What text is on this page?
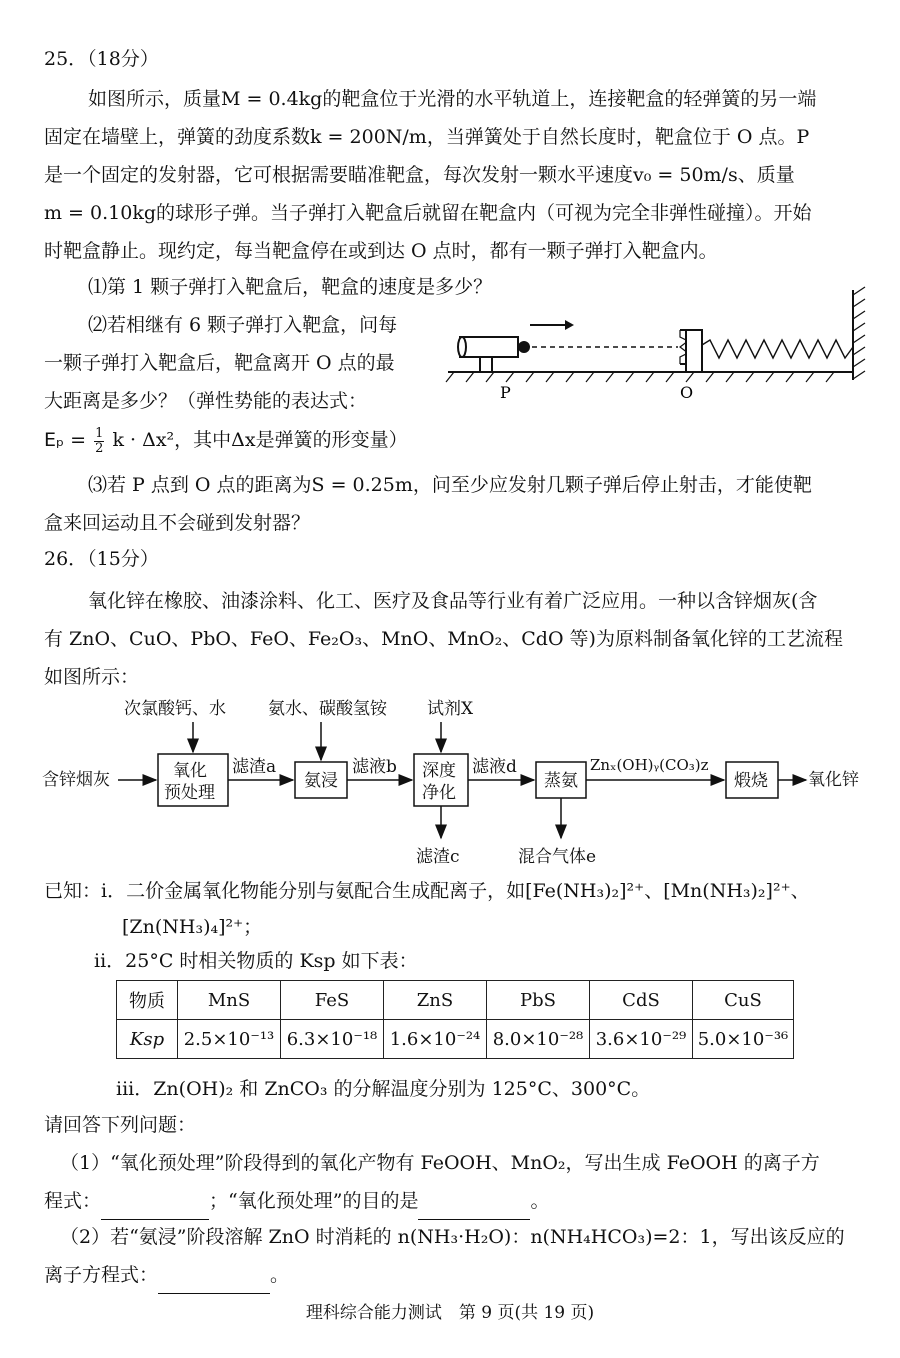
25．（18分）
如图所示，质量M = 0.4kg的靶盒位于光滑的水平轨道上，连接靶盒的轻弹簧的另一端
固定在墙壁上，弹簧的劲度系数k = 200N/m，当弹簧处于自然长度时，靶盒位于 O 点。P
是一个固定的发射器，它可根据需要瞄准靶盒，每次发射一颗水平速度v₀ = 50m/s、质量
m = 0.10kg的球形子弹。当子弹打入靶盒后就留在靶盒内（可视为完全非弹性碰撞）。开始
时靶盒静止。现约定，每当靶盒停在或到达 O 点时，都有一颗子弹打入靶盒内。
⑴第 1 颗子弹打入靶盒后，靶盒的速度是多少？
⑵若相继有 6 颗子弹打入靶盒，问每
一颗子弹打入靶盒后，靶盒离开 O 点的最
大距离是多少？（弹性势能的表达式：
$E_p = \frac{1}{2}$ k · Δx²，其中Δx是弹簧的形变量）
⑶若 P 点到 O 点的距离为S = 0.25m，问至少应发射几颗子弹后停止射击，才能使靶
盒来回运动且不会碰到发射器？
P	O
26．（15分）
氧化锌在橡胶、油漆涂料、化工、医疗及食品等行业有着广泛应用。一种以含锌烟灰(含
有 ZnO、CuO、PbO、FeO、Fe₂O₃、MnO、MnO₂、CdO 等)为原料制备氧化锌的工艺流程
如图所示：
次氯酸钙、水 氨水、碳酸氢铵 试剂X
含锌烟灰	氧化
预处理
氨浸	深度
净化
蒸氨	煅烧
滤渣a	滤液b	滤液d	Znₓ(OH)ᵧ(CO₃)z
氧化锌
滤渣c	混合气体e
已知：i．二价金属氧化物能分别与氨配合生成配离子，如[Fe(NH₃)₂]²⁺、[Mn(NH₃)₂]²⁺、
[Zn(NH₃)₄]²⁺；
ii．25°C 时相关物质的 Ksp 如下表：
物质	MnS	FeS	ZnS	PbS	CdS	CuS
Ksp	2.5×10⁻¹³	6.3×10⁻¹⁸	1.6×10⁻²⁴	8.0×10⁻²⁸	3.6×10⁻²⁹	5.0×10⁻³⁶
iii．Zn(OH)₂ 和 ZnCO₃ 的分解温度分别为 125°C、300°C。
请回答下列问题：
（1）“氧化预处理”阶段得到的氧化产物有 FeOOH、MnO₂，写出生成 FeOOH 的离子方
程式：	；“氧化预处理”的目的是	。
（2）若“氨浸”阶段溶解 ZnO 时消耗的 n(NH₃·H₂O)：n(NH₄HCO₃)=2：1，写出该反应的
离子方程式：	。
理科综合能力测试　第 9 页(共 19 页)
